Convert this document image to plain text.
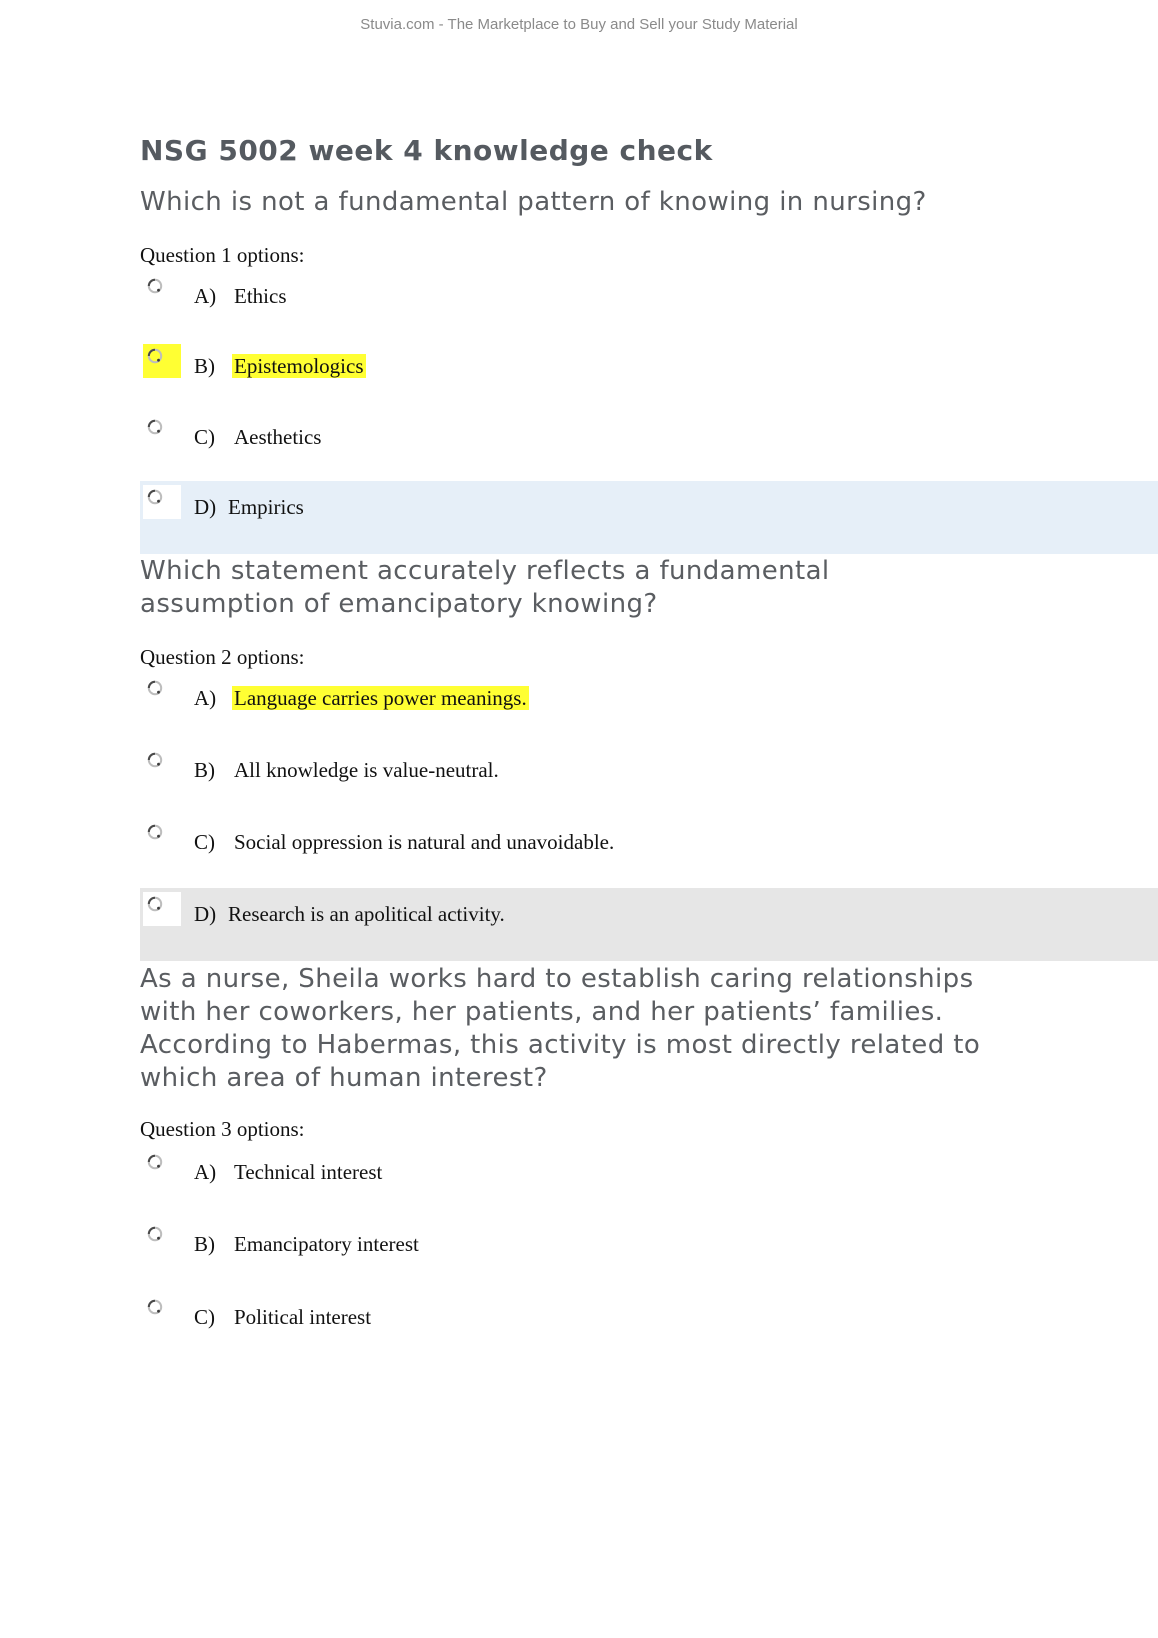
Stuvia.com - The Marketplace to Buy and Sell your Study Material
NSG 5002 week 4 knowledge check

Which is not a fundamental pattern of knowing in nursing?

Question 1 options:
A) Ethics
B) Epistemologics
C) Aesthetics
D) Empirics

Which statement accurately reflects a fundamental
assumption of emancipatory knowing?

Question 2 options:
A) Language carries power meanings.
B) All knowledge is value-neutral.
C) Social oppression is natural and unavoidable.
D) Research is an apolitical activity.

As a nurse, Sheila works hard to establish caring relationships
with her coworkers, her patients, and her patients’ families.
According to Habermas, this activity is most directly related to
which area of human interest?

Question 3 options:
A) Technical interest
B) Emancipatory interest
C) Political interest
